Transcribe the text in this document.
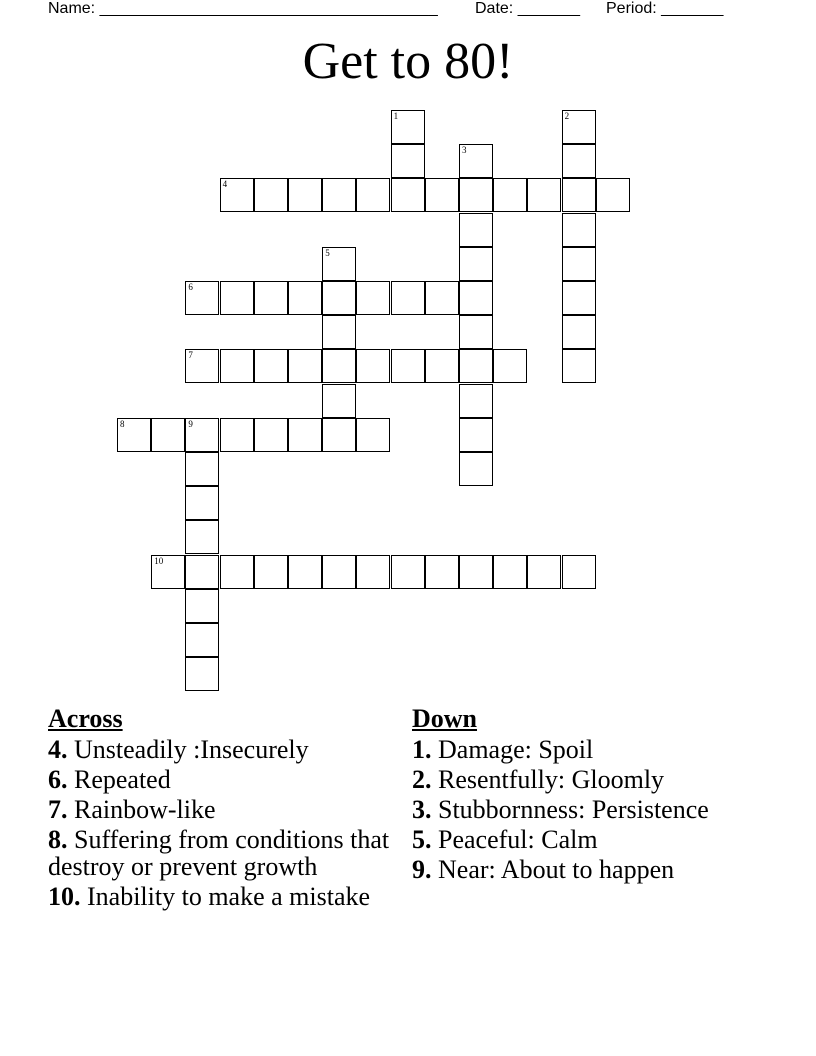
Name: ______________________________________ Date: _______ Period: _______
Get to 80!
1	2
3
4
5
6
7
8	9
10
Across
4. Unsteadily :Insecurely
6. Repeated
7. Rainbow-like
8. Suffering from conditions that destroy or prevent growth
10. Inability to make a mistake
Down
1. Damage: Spoil
2. Resentfully: Gloomly
3. Stubbornness: Persistence
5. Peaceful: Calm
9. Near: About to happen
